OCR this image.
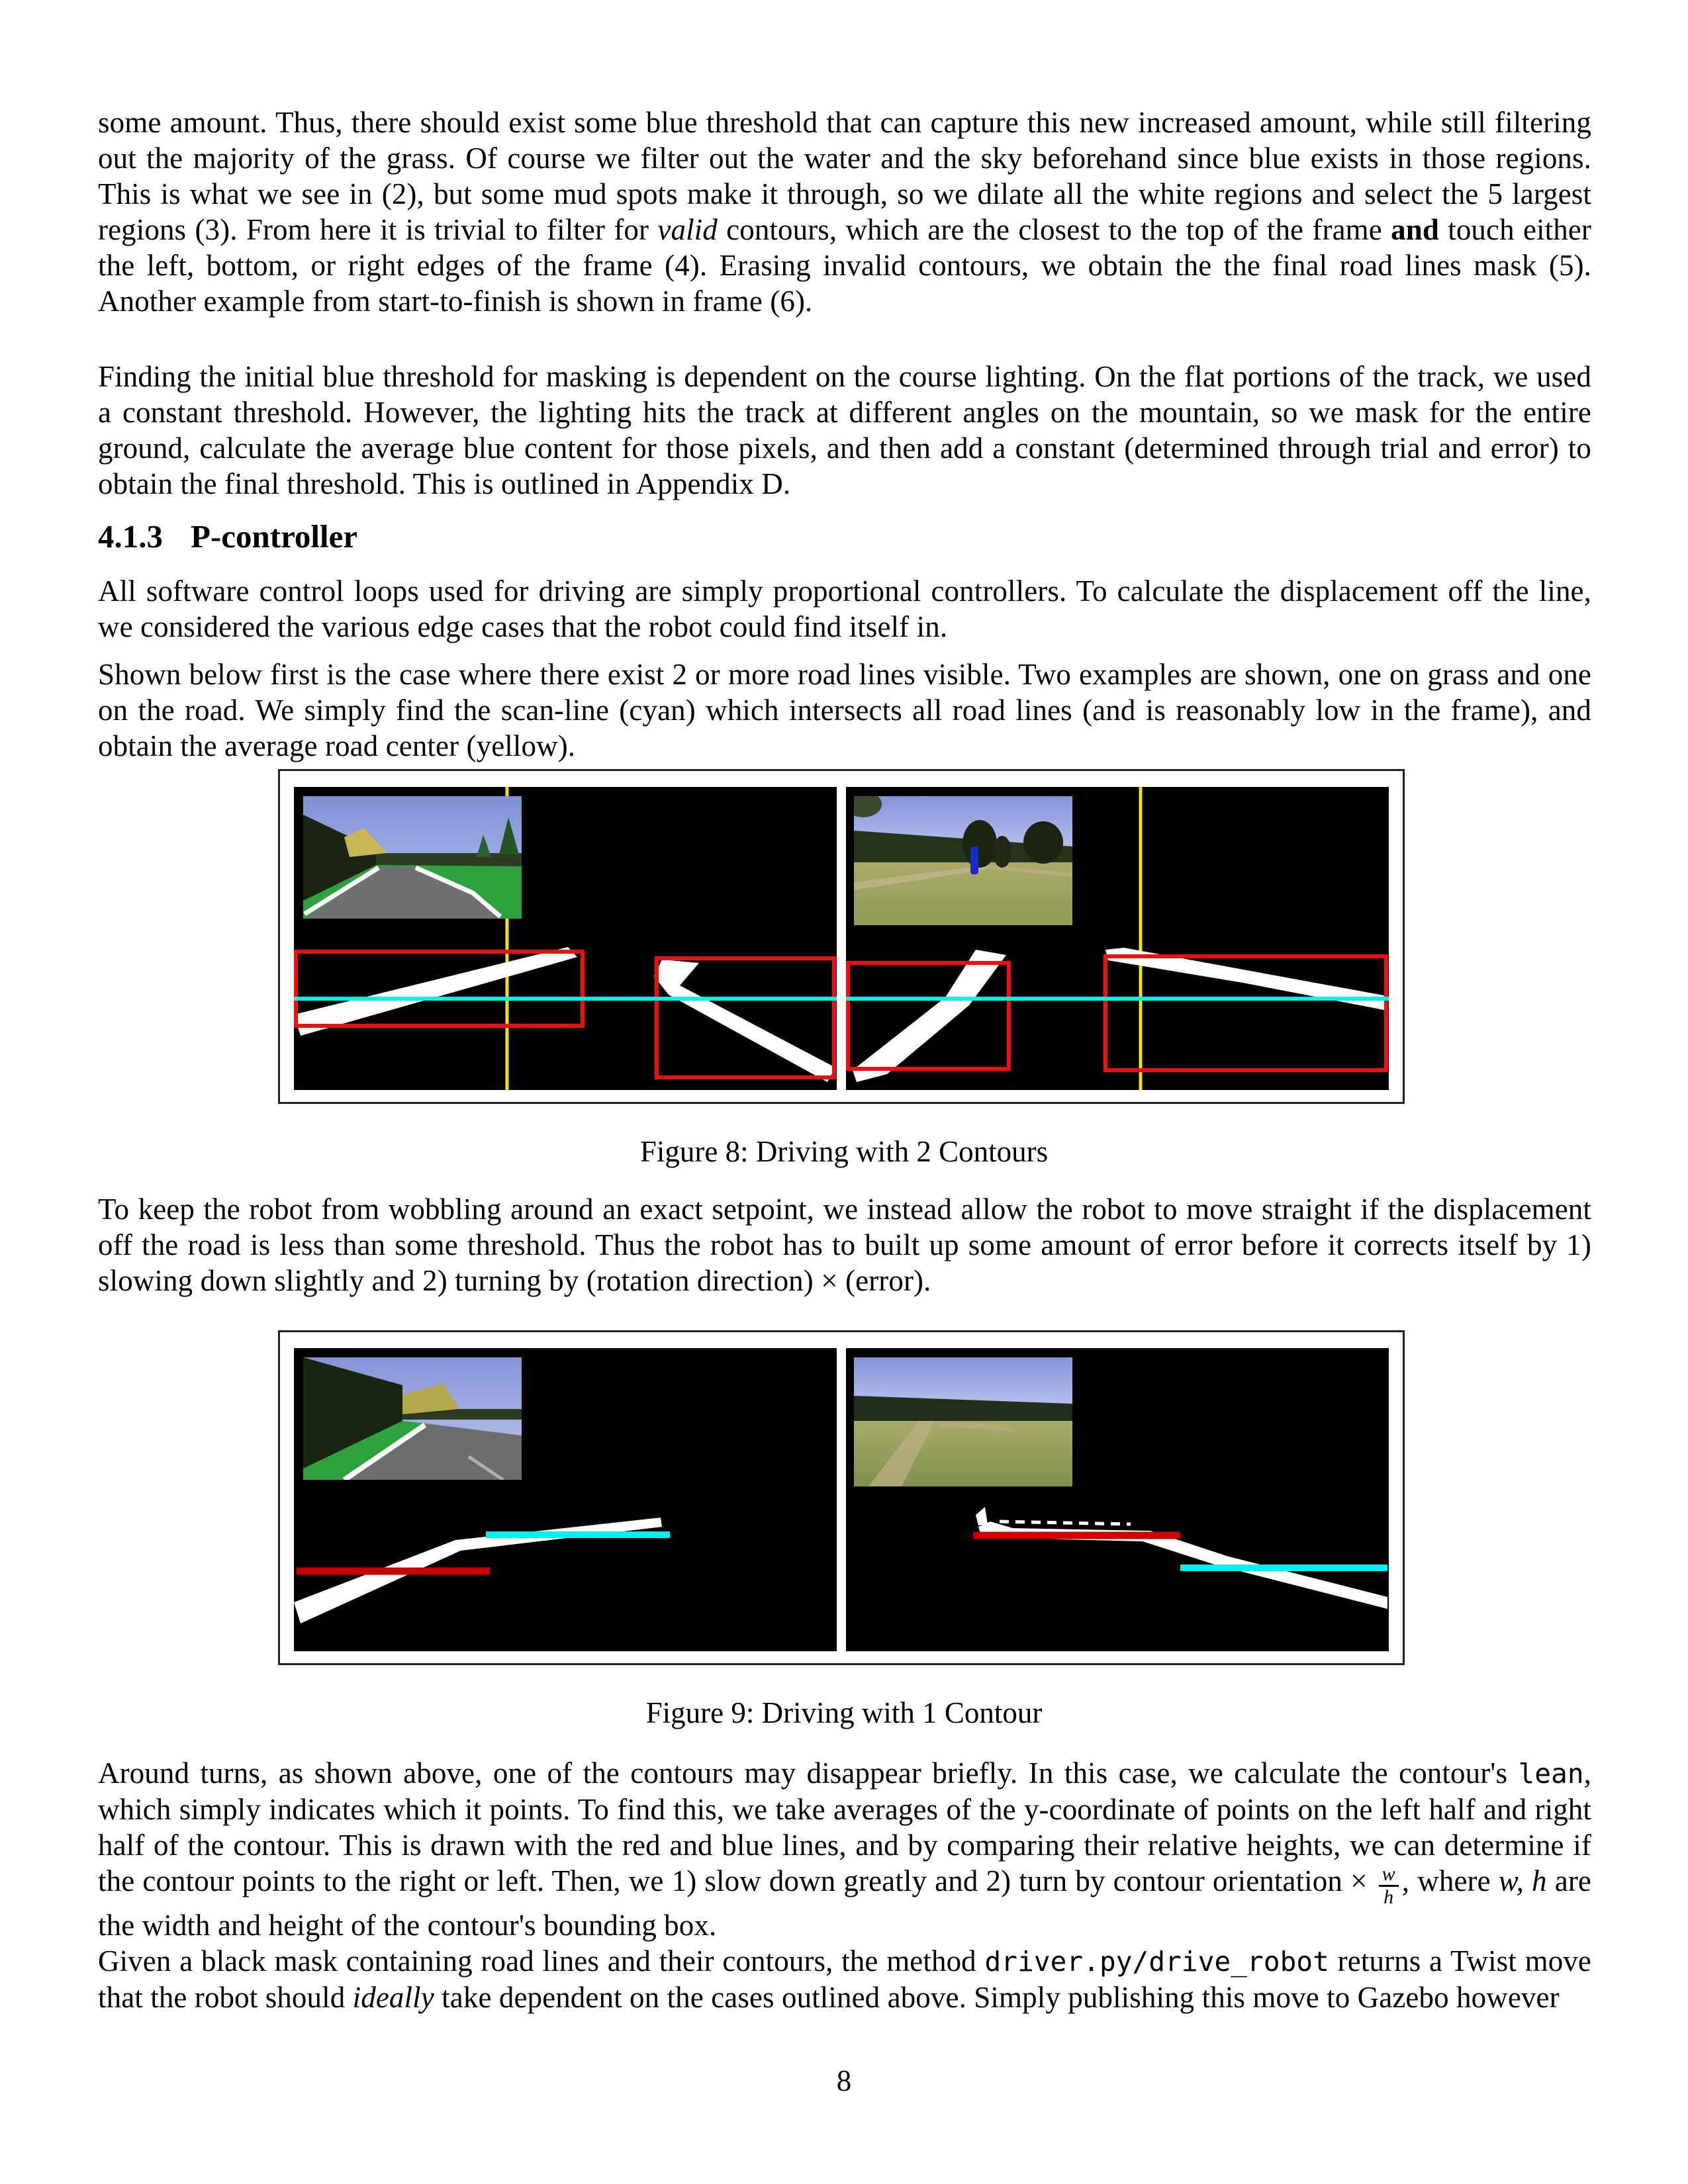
some amount. Thus, there should exist some blue threshold that can capture this new increased amount, while still filtering out the majority of the grass. Of course we filter out the water and the sky beforehand since blue exists in those regions. This is what we see in (2), but some mud spots make it through, so we dilate all the white regions and select the 5 largest regions (3). From here it is trivial to filter for valid contours, which are the closest to the top of the frame and touch either the left, bottom, or right edges of the frame (4). Erasing invalid contours, we obtain the the final road lines mask (5). Another example from start-to-finish is shown in frame (6).
Finding the initial blue threshold for masking is dependent on the course lighting. On the flat portions of the track, we used a constant threshold. However, the lighting hits the track at different angles on the mountain, so we mask for the entire ground, calculate the average blue content for those pixels, and then add a constant (determined through trial and error) to obtain the final threshold. This is outlined in Appendix D.
4.1.3 P-controller
All software control loops used for driving are simply proportional controllers. To calculate the displacement off the line, we considered the various edge cases that the robot could find itself in.
Shown below first is the case where there exist 2 or more road lines visible. Two examples are shown, one on grass and one on the road. We simply find the scan-line (cyan) which intersects all road lines (and is reasonably low in the frame), and obtain the average road center (yellow).
Figure 8: Driving with 2 Contours
To keep the robot from wobbling around an exact setpoint, we instead allow the robot to move straight if the displacement off the road is less than some threshold. Thus the robot has to built up some amount of error before it corrects itself by 1) slowing down slightly and 2) turning by (rotation direction) × (error).
Figure 9: Driving with 1 Contour
Around turns, as shown above, one of the contours may disappear briefly. In this case, we calculate the contour's lean, which simply indicates which it points. To find this, we take averages of the y-coordinate of points on the left half and right half of the contour. This is drawn with the red and blue lines, and by comparing their relative heights, we can determine if the contour points to the right or left. Then, we 1) slow down greatly and 2) turn by contour orientation × $\frac{w}{h}$ , where w, h are the width and height of the contour's bounding box.
Given a black mask containing road lines and their contours, the method driver.py/drive_robot returns a Twist move that the robot should ideally take dependent on the cases outlined above. Simply publishing this move to Gazebo however
8
